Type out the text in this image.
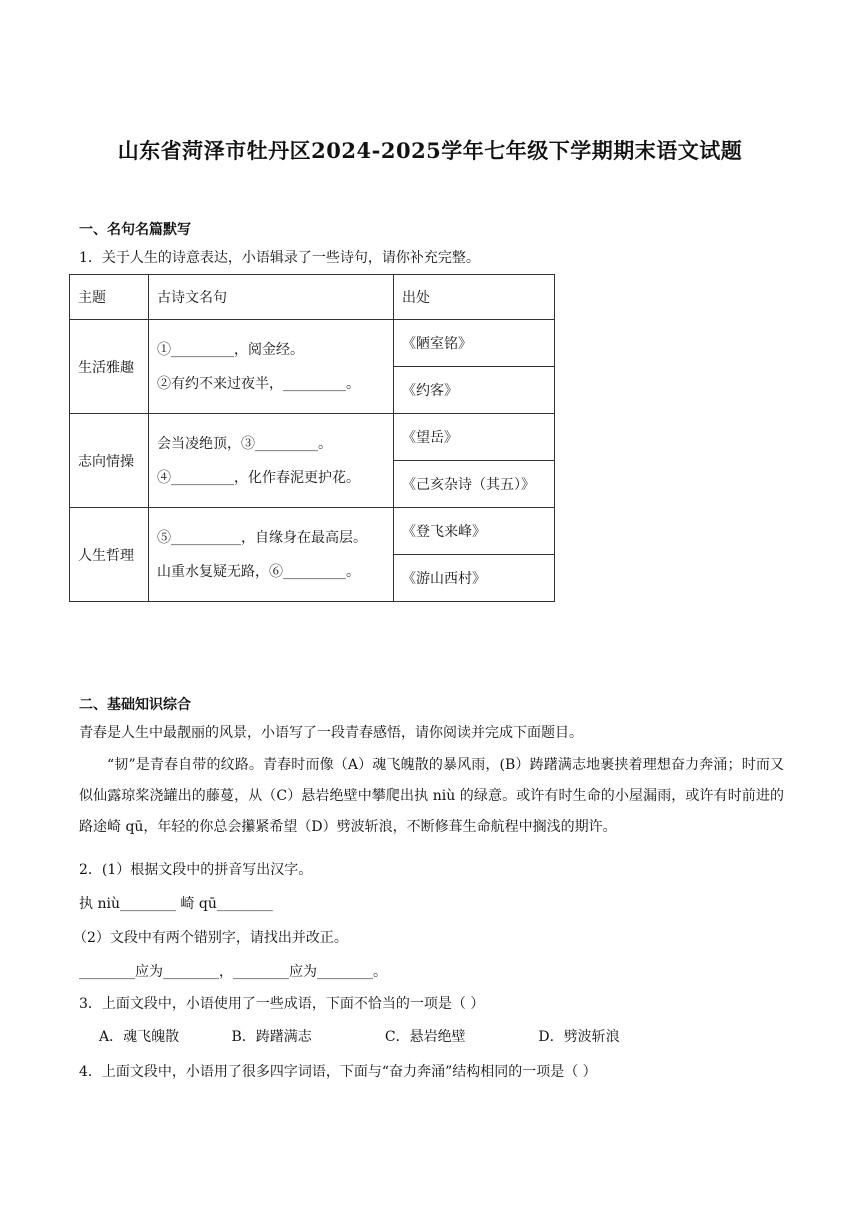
山东省菏泽市牡丹区2024-2025学年七年级下学期期末语文试题
一、名句名篇默写
1．关于人生的诗意表达，小语辑录了一些诗句，请你补充完整。
主题	古诗文名句	出处
生活雅趣	①_________，阅金经。
②有约不来过夜半，_________。	《陋室铭》
		《约客》
志向情操	会当凌绝顶，③_________。
④_________，化作春泥更护花。	《望岳》
		《己亥杂诗（其五）》
人生哲理	⑤__________，自缘身在最高层。
山重水复疑无路，⑥_________。	《登飞来峰》
		《游山西村》
二、基础知识综合
青春是人生中最靓丽的风景，小语写了一段青春感悟，请你阅读并完成下面题目。
“韧”是青春自带的纹路。青春时而像（A）魂飞魄散的暴风雨，(B）踌躇满志地裹挟着理想奋力奔涌；时而又似仙露琼桨浇罐出的藤蔓，从（C）悬岩绝壁中攀爬出执 niù 的绿意。或许有时生命的小屋漏雨，或许有时前进的路途崎 qū，年轻的你总会攥紧希望（D）劈波斩浪，不断修葺生命航程中搁浅的期许。
2．(1）根据文段中的拼音写出汉字。
执 niù________ 崎 qū________
（2）文段中有两个错别字，请找出并改正。
________应为________，________应为________。
3．上面文段中，小语使用了一些成语，下面不恰当的一项是（ ）
A．魂飞魄散	B．踌躇满志	C．悬岩绝壁	D．劈波斩浪
4．上面文段中，小语用了很多四字词语，下面与“奋力奔涌”结构相同的一项是（ ）
